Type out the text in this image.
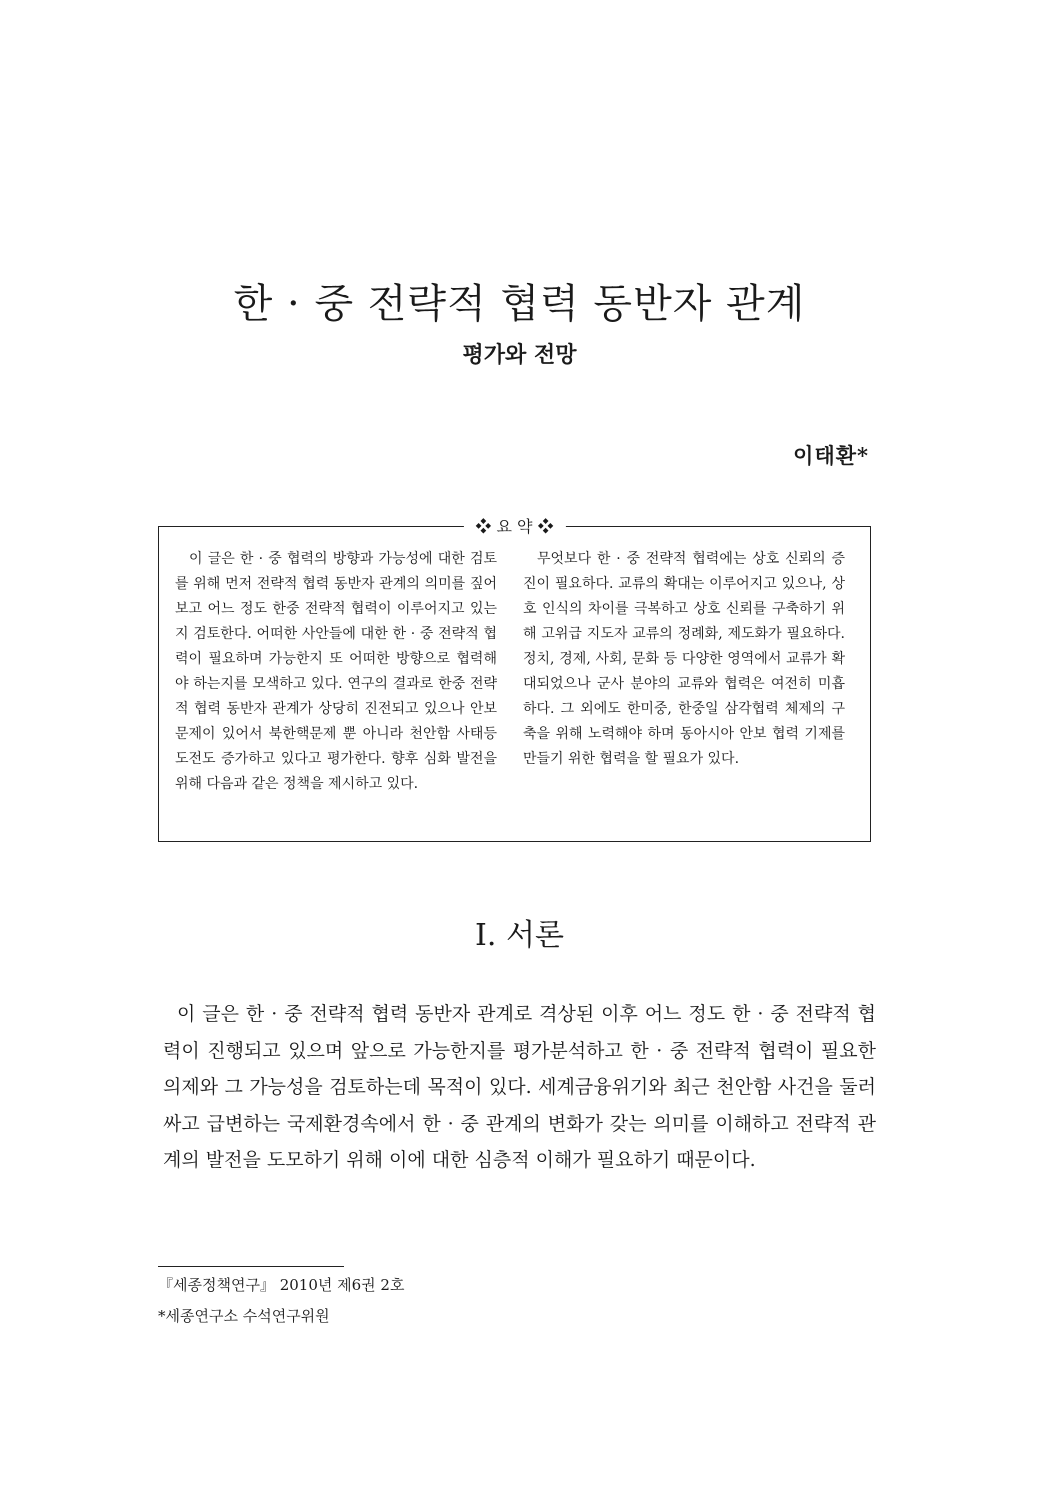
한 · 중 전략적 협력 동반자 관계
평가와 전망

이태환*

❖ 요 약 ❖

이 글은 한 · 중 협력의 방향과 가능성에 대한 검토를 위해 먼저 전략적 협력 동반자 관계의 의미를 짚어보고 어느 정도 한중 전략적 협력이 이루어지고 있는지 검토한다. 어떠한 사안들에 대한 한 · 중 전략적 협력이 필요하며 가능한지 또 어떠한 방향으로 협력해야 하는지를 모색하고 있다. 연구의 결과로 한중 전략적 협력 동반자 관계가 상당히 진전되고 있으나 안보문제이 있어서 북한핵문제 뿐 아니라 천안함 사태등 도전도 증가하고 있다고 평가한다. 향후 심화 발전을 위해 다음과 같은 정책을 제시하고 있다.

무엇보다 한 · 중 전략적 협력에는 상호 신뢰의 증진이 필요하다. 교류의 확대는 이루어지고 있으나, 상호 인식의 차이를 극복하고 상호 신뢰를 구축하기 위해 고위급 지도자 교류의 정례화, 제도화가 필요하다. 정치, 경제, 사회, 문화 등 다양한 영역에서 교류가 확대되었으나 군사 분야의 교류와 협력은 여전히 미흡하다. 그 외에도 한미중, 한중일 삼각협력 체제의 구축을 위해 노력해야 하며 동아시아 안보 협력 기제를 만들기 위한 협력을 할 필요가 있다.

I. 서론

이 글은 한 · 중 전략적 협력 동반자 관계로 격상된 이후 어느 정도 한 · 중 전략적 협력이 진행되고 있으며 앞으로 가능한지를 평가분석하고 한 · 중 전략적 협력이 필요한 의제와 그 가능성을 검토하는데 목적이 있다. 세계금융위기와 최근 천안함 사건을 둘러싸고 급변하는 국제환경속에서 한 · 중 관계의 변화가 갖는 의미를 이해하고 전략적 관계의 발전을 도모하기 위해 이에 대한 심층적 이해가 필요하기 때문이다.

『세종정책연구』 2010년 제6권 2호

*세종연구소 수석연구위원
